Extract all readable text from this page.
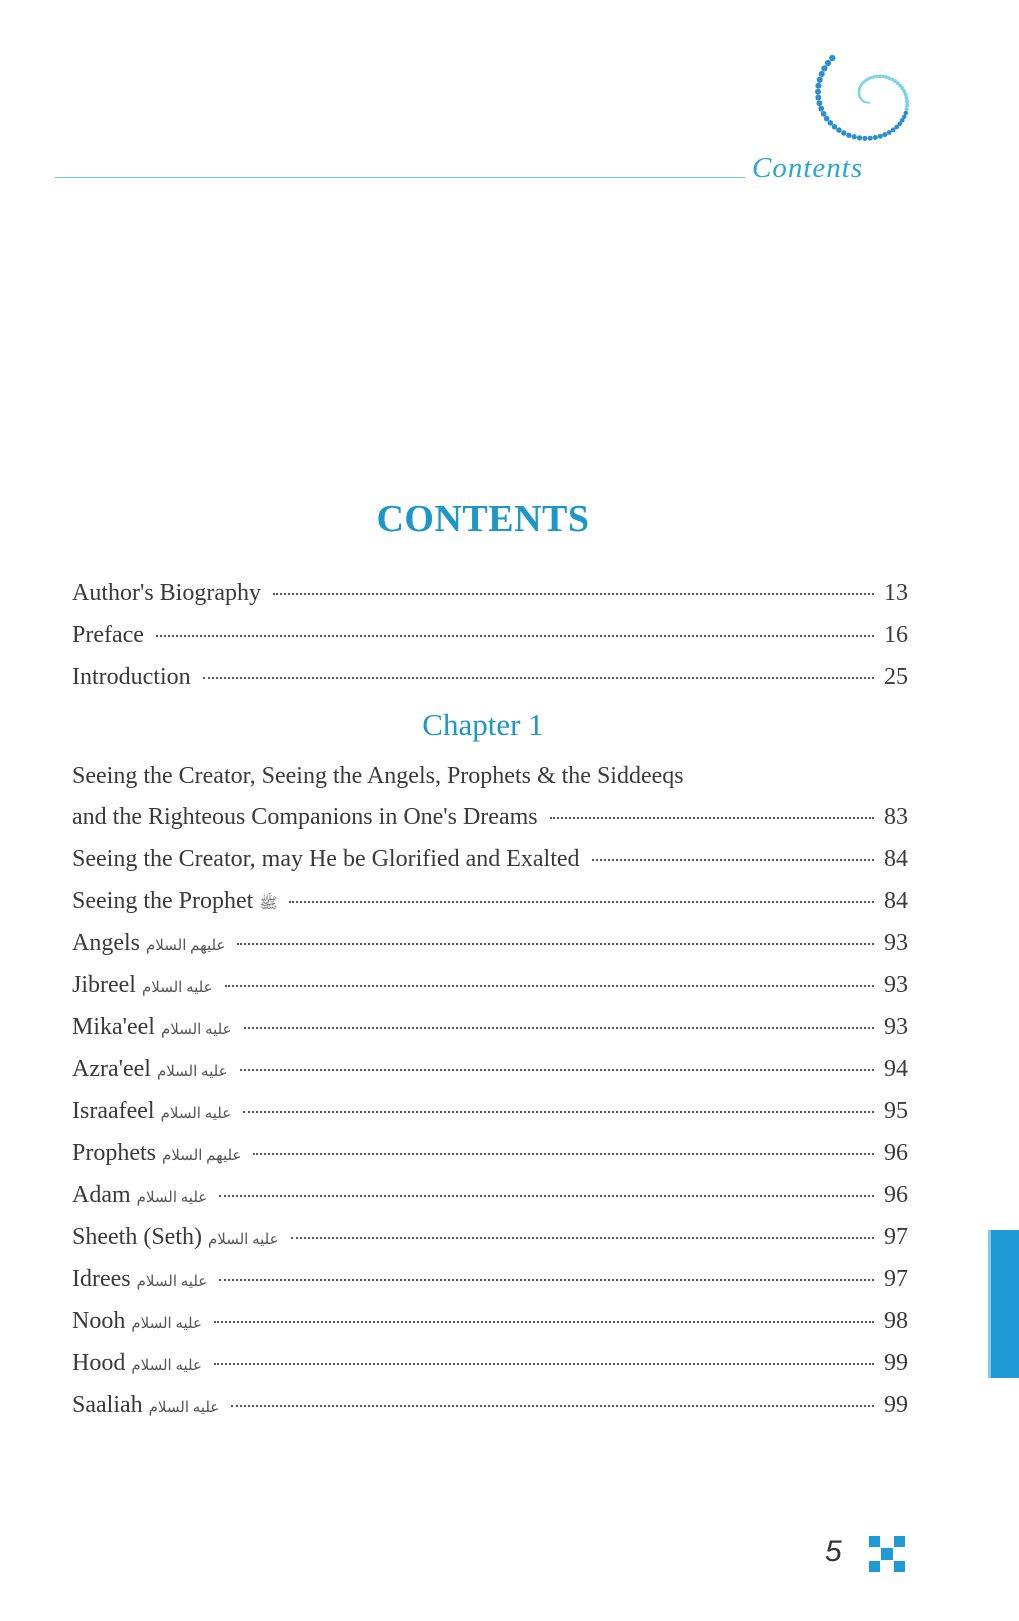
Contents
CONTENTS
Author's Biography	13
Preface	16
Introduction	25
Chapter 1
Seeing the Creator, Seeing the Angels, Prophets & the Siddeeqs
and the Righteous Companions in One's Dreams	83
Seeing the Creator, may He be Glorified and Exalted	84
Seeing the Prophet ﷺ	84
Angels عليهم السلام	93
Jibreel عليه السلام	93
Mika'eel عليه السلام	93
Azra'eel عليه السلام	94
Israafeel عليه السلام	95
Prophets عليهم السلام	96
Adam عليه السلام	96
Sheeth (Seth) عليه السلام	97
Idrees عليه السلام	97
Nooh عليه السلام	98
Hood عليه السلام	99
Saaliah عليه السلام	99
5
